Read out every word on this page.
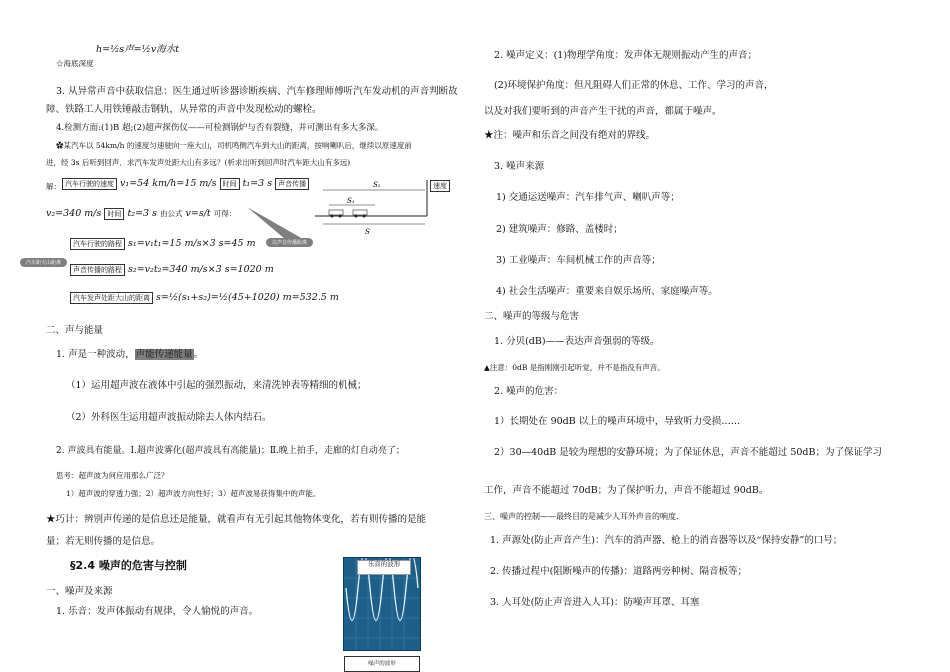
h=½s声=½v海水t
☆海底深度
3. 从异常声音中获取信息：医生通过听诊器诊断疾病、汽车修理师傅听汽车发动机的声音判断故
障、铁路工人用铁锤敲击钢轨，从异常的声音中发现松动的螺栓。
4.检测方面:(1)B 超;(2)超声探伤仪——可检测锅炉与否有裂缝，并可测出有多大多深。
✿某汽车以 54km/h 的速度匀速驶向一座大山，司机鸣侧汽车到大山的距离，按响喇叭后，继续以原速度前
进，经 3s 后听到回声．求汽车发声处距大山有多远？(析求出听到回声时汽车距大山有多远)
解： 汽车行驶的速度 v₁=54 km/h=15 m/s 时间 t₁=3 s 声音传播	速度
S₂
S₁
S
v₂=340 m/s 时间 t₂=3 s 由公式 v=s/t 可得：
以声音传播距离
汽车距大山距离
汽车行驶的路程 s₁=v₁t₁=15 m/s×3 s=45 m
声音传播的路程 s₂=v₂t₂=340 m/s×3 s=1020 m
汽车发声处距大山的距离 s=½(s₁+s₂)=½(45+1020) m=532.5 m
二、声与能量
1. 声是一种波动，声能传递能量。
（1）运用超声波在液体中引起的强烈振动，来清洗钟表等精细的机械；
（2）外科医生运用超声波振动除去人体内结石。
2. 声波具有能量。Ⅰ.超声波雾化(超声波具有高能量)；Ⅱ.晚上拍手，走廊的灯自动亮了；
思考：超声波为何应用那么广泛？
1）超声波的穿透力强；2）超声波方向性好；3）超声波易获得集中的声能。
★巧计：辨别声传递的是信息还是能量，就看声有无引起其他物体变化，若有则传播的是能
量；若无则传播的是信息。
§2.4 噪声的危害与控制
一、噪声及来源
1. 乐音：发声体振动有规律，令人愉悦的声音。
乐音的波形
噪声的波形
2. 噪声定义：(1)物理学角度：发声体无规则振动产生的声音；
(2)环境保护角度：但凡阻碍人们正常的休息、工作、学习的声音，
以及对我们要听到的声音产生干扰的声音，都属于噪声。
★注：噪声和乐音之间没有绝对的界线。
3. 噪声来源
1) 交通运送噪声：汽车排气声、喇叭声等；
2) 建筑噪声：修路、盖楼时；
3) 工业噪声：车间机械工作的声音等；
4) 社会生活噪声：重要来自娱乐场所、家庭噪声等。
二、噪声的等级与危害
1. 分贝(dB)——表达声音强弱的等级。
▲注意：0dB 是指刚刚引起听觉，并不是指没有声音。
2. 噪声的危害：
1）长期处在 90dB 以上的噪声环境中，导致听力受损……
2）30—40dB 是较为理想的安静环境；为了保证休息，声音不能超过 50dB；为了保证学习
工作，声音不能超过 70dB；为了保护听力，声音不能超过 90dB。
三、噪声的控制——最终目的是减少人耳外声音的响度.
1. 声源处(防止声音产生)：汽车的消声器、枪上的消音器等以及“保持安静”的口号；
2. 传播过程中(阻断噪声的传播)：道路两旁种树、隔音板等；
3. 人耳处(防止声音进入人耳)：防噪声耳罩、耳塞
